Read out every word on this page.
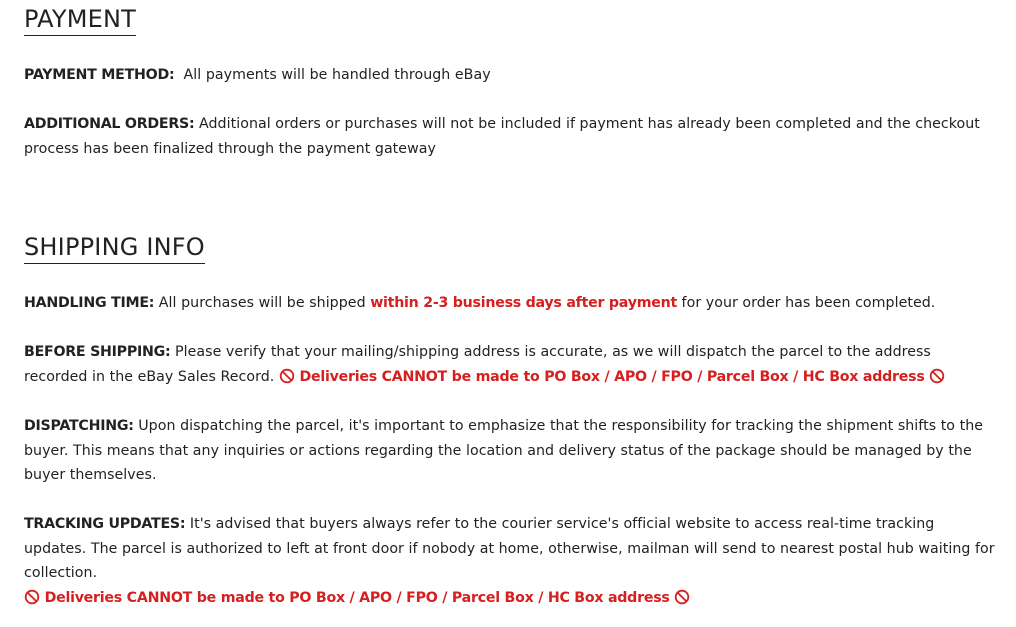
PAYMENT

PAYMENT METHOD: All payments will be handled through eBay

ADDITIONAL ORDERS: Additional orders or purchases will not be included if payment has already been completed and the checkout process has been finalized through the payment gateway

SHIPPING INFO

HANDLING TIME: All purchases will be shipped within 2-3 business days after payment for your order has been completed.

BEFORE SHIPPING: Please verify that your mailing/shipping address is accurate, as we will dispatch the parcel to the address recorded in the eBay Sales Record. Deliveries CANNOT be made to PO Box / APO / FPO / Parcel Box / HC Box address

DISPATCHING: Upon dispatching the parcel, it's important to emphasize that the responsibility for tracking the shipment shifts to the buyer. This means that any inquiries or actions regarding the location and delivery status of the package should be managed by the buyer themselves.

TRACKING UPDATES: It's advised that buyers always refer to the courier service's official website to access real-time tracking updates. The parcel is authorized to left at front door if nobody at home, otherwise, mailman will send to nearest postal hub waiting for collection.

Deliveries CANNOT be made to PO Box / APO / FPO / Parcel Box / HC Box address
